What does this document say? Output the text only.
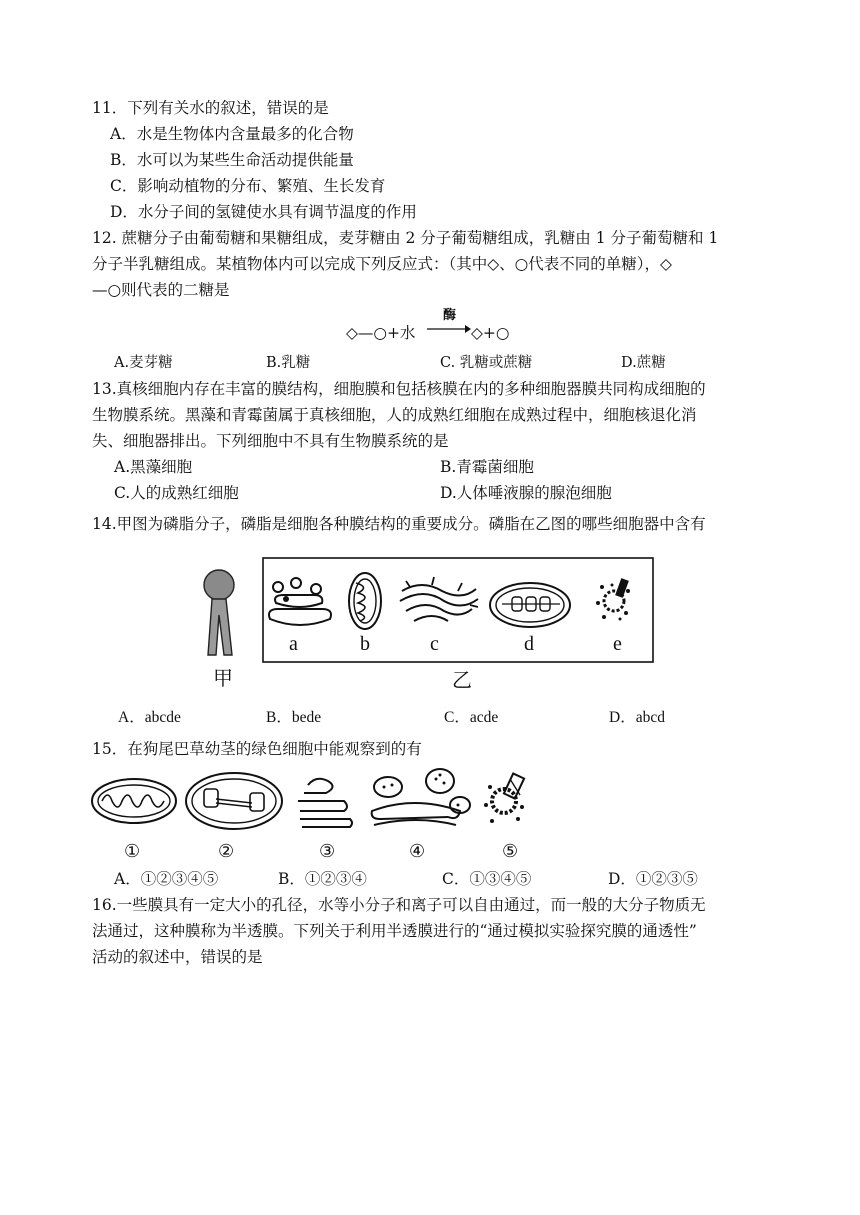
11．下列有关水的叙述，错误的是
A．水是生物体内含量最多的化合物
B．水可以为某些生命活动提供能量
C．影响动植物的分布、繁殖、生长发育
D．水分子间的氢键使水具有调节温度的作用
12. 蔗糖分子由葡萄糖和果糖组成，麦芽糖由 2 分子葡萄糖组成，乳糖由 1 分子葡萄糖和 1
分子半乳糖组成。某植物体内可以完成下列反应式：（其中◇、○代表不同的单糖），◇
—○则代表的二糖是
◇—○+水
酶
→ ◇+○
A.麦芽糖	B.乳糖	C. 乳糖或蔗糖	D.蔗糖
13.真核细胞内存在丰富的膜结构，细胞膜和包括核膜在内的多种细胞器膜共同构成细胞的
生物膜系统。黑藻和青霉菌属于真核细胞，人的成熟红细胞在成熟过程中，细胞核退化消
失、细胞器排出。下列细胞中不具有生物膜系统的是
A.黑藻细胞	B.青霉菌细胞
C.人的成熟红细胞	D.人体唾液腺的腺泡细胞
14.甲图为磷脂分子，磷脂是细胞各种膜结构的重要成分。磷脂在乙图的哪些细胞器中含有
甲
a	b	c	d	e
乙
A．abcde	B．bede	C．acde	D．abcd
15．在狗尾巴草幼茎的绿色细胞中能观察到的有
①	②	③	④	⑤
A．①②③④⑤	B．①②③④	C．①③④⑤	D．①②③⑤
16.一些膜具有一定大小的孔径，水等小分子和离子可以自由通过，而一般的大分子物质无
法通过，这种膜称为半透膜。下列关于利用半透膜进行的“通过模拟实验探究膜的通透性”
活动的叙述中，错误的是
